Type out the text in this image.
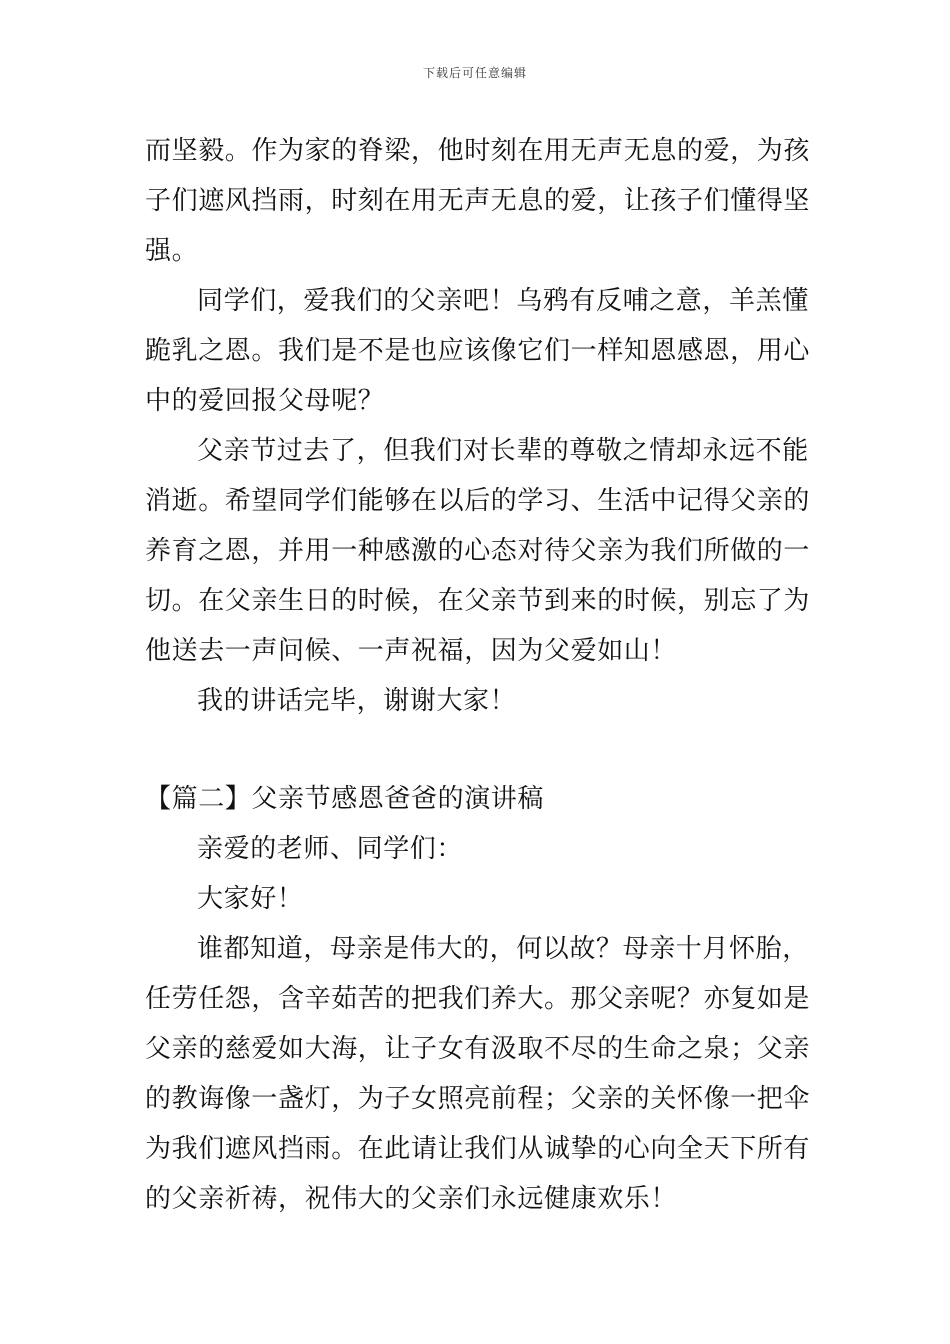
下载后可任意编辑

而坚毅。作为家的脊梁，他时刻在用无声无息的爱，为孩

子们遮风挡雨，时刻在用无声无息的爱，让孩子们懂得坚

强。

同学们，爱我们的父亲吧！乌鸦有反哺之意，羊羔懂

跪乳之恩。我们是不是也应该像它们一样知恩感恩，用心

中的爱回报父母呢？

父亲节过去了，但我们对长辈的尊敬之情却永远不能

消逝。希望同学们能够在以后的学习、生活中记得父亲的

养育之恩，并用一种感激的心态对待父亲为我们所做的一

切。在父亲生日的时候，在父亲节到来的时候，别忘了为

他送去一声问候、一声祝福，因为父爱如山！

我的讲话完毕，谢谢大家！

【篇二】父亲节感恩爸爸的演讲稿

亲爱的老师、同学们：

大家好！

谁都知道，母亲是伟大的，何以故？母亲十月怀胎，

任劳任怨，含辛茹苦的把我们养大。那父亲呢？亦复如是

父亲的慈爱如大海，让子女有汲取不尽的生命之泉；父亲

的教诲像一盏灯，为子女照亮前程；父亲的关怀像一把伞

为我们遮风挡雨。在此请让我们从诚挚的心向全天下所有

的父亲祈祷，祝伟大的父亲们永远健康欢乐！
